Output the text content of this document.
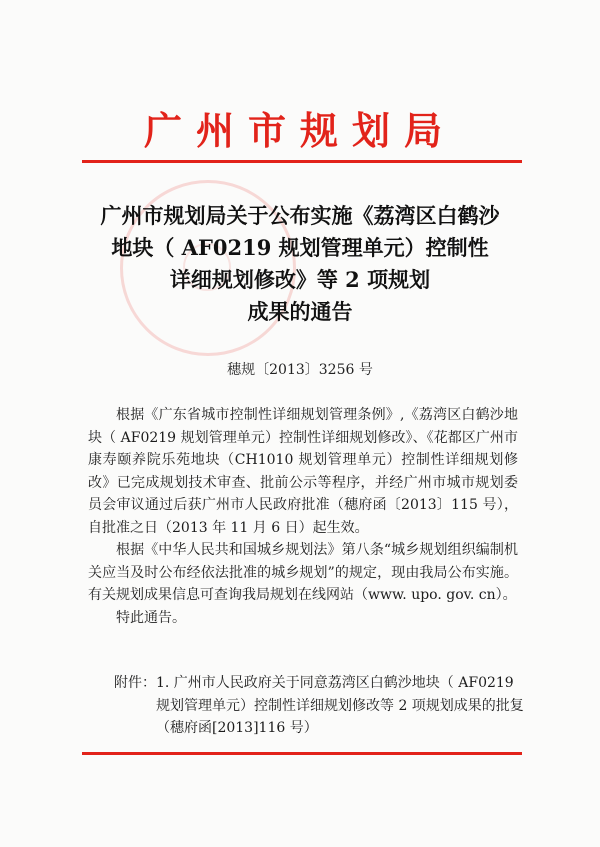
广州市规划局
广州市规划局关于公布实施《荔湾区白鹤沙
地块（ AF0219 规划管理单元）控制性
详细规划修改》等 2 项规划
成果的通告
穗规〔2013〕3256 号

根据《广东省城市控制性详细规划管理条例》,《荔湾区白鹤沙地块（ AF0219 规划管理单元）控制性详细规划修改》、《花都区广州市康寿颐养院乐苑地块（CH1010 规划管理单元）控制性详细规划修改》已完成规划技术审查、批前公示等程序，并经广州市城市规划委员会审议通过后获广州市人民政府批准（穗府函〔2013〕115 号），自批准之日（2013 年 11 月 6 日）起生效。

根据《中华人民共和国城乡规划法》第八条“城乡规划组织编制机关应当及时公布经依法批准的城乡规划”的规定，现由我局公布实施。有关规划成果信息可查询我局规划在线网站（www. upo. gov. cn）。

特此通告。

附件： 1. 广州市人民政府关于同意荔湾区白鹤沙地块（ AF0219 规划管理单元）控制性详细规划修改等 2 项规划成果的批复（穗府函[2013]116 号）
